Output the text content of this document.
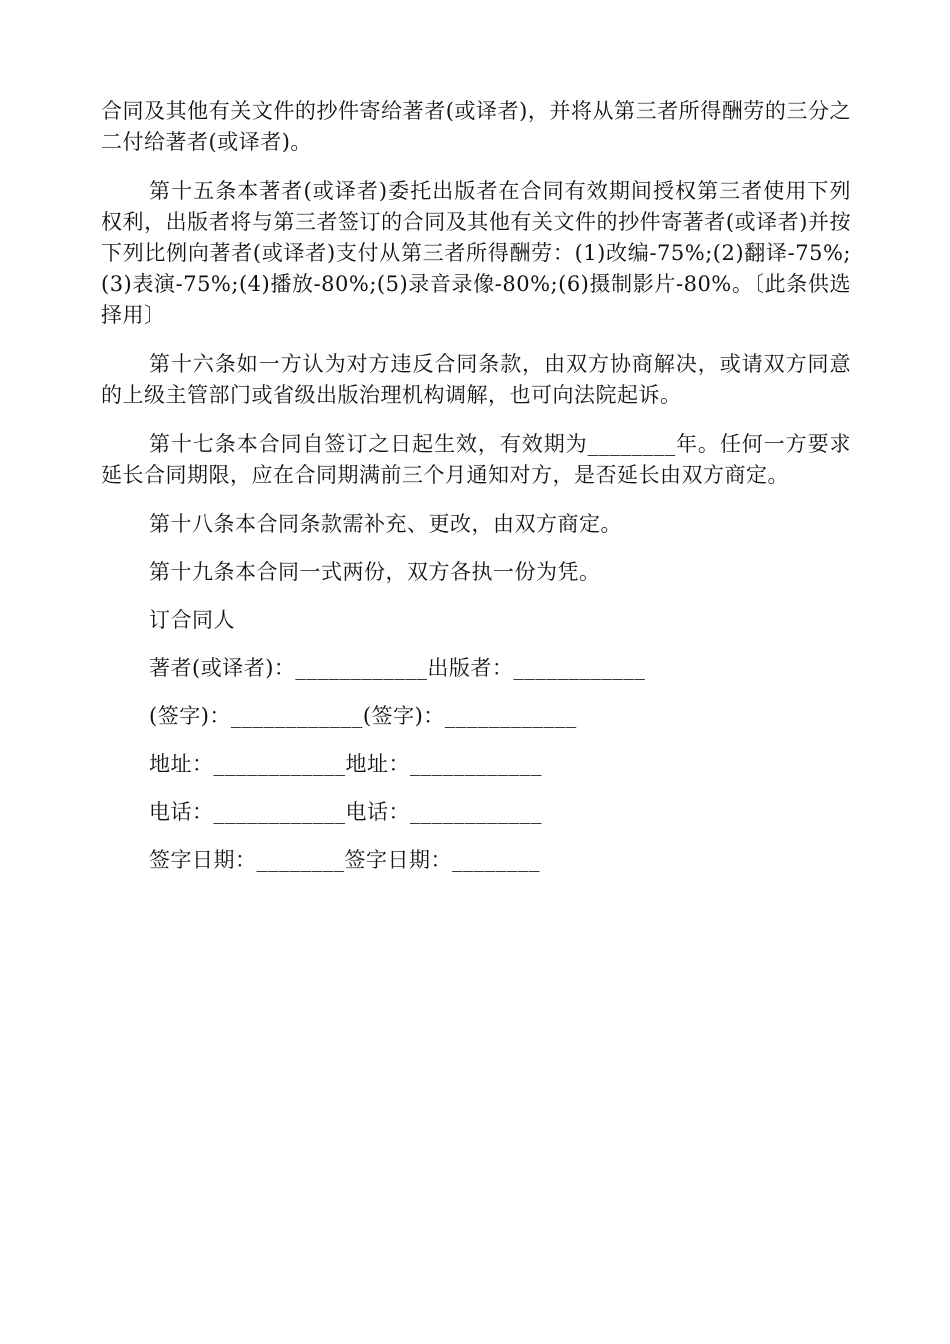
合同及其他有关文件的抄件寄给著者(或译者)，并将从第三者所得酬劳的三分之二付给著者(或译者)。

第十五条本著者(或译者)委托出版者在合同有效期间授权第三者使用下列权利，出版者将与第三者签订的合同及其他有关文件的抄件寄著者(或译者)并按下列比例向著者(或译者)支付从第三者所得酬劳：(1)改编-75%;(2)翻译-75%;(3)表演-75%;(4)播放-80%;(5)录音录像-80%;(6)摄制影片-80%。〔此条供选择用〕

第十六条如一方认为对方违反合同条款，由双方协商解决，或请双方同意的上级主管部门或省级出版治理机构调解，也可向法院起诉。

第十七条本合同自签订之日起生效，有效期为________年。任何一方要求延长合同期限，应在合同期满前三个月通知对方，是否延长由双方商定。

第十八条本合同条款需补充、更改，由双方商定。

第十九条本合同一式两份，双方各执一份为凭。

订合同人

著者(或译者)：____________出版者：____________

(签字)：____________(签字)：____________

地址：____________地址：____________

电话：____________电话：____________

签字日期：________签字日期：________
